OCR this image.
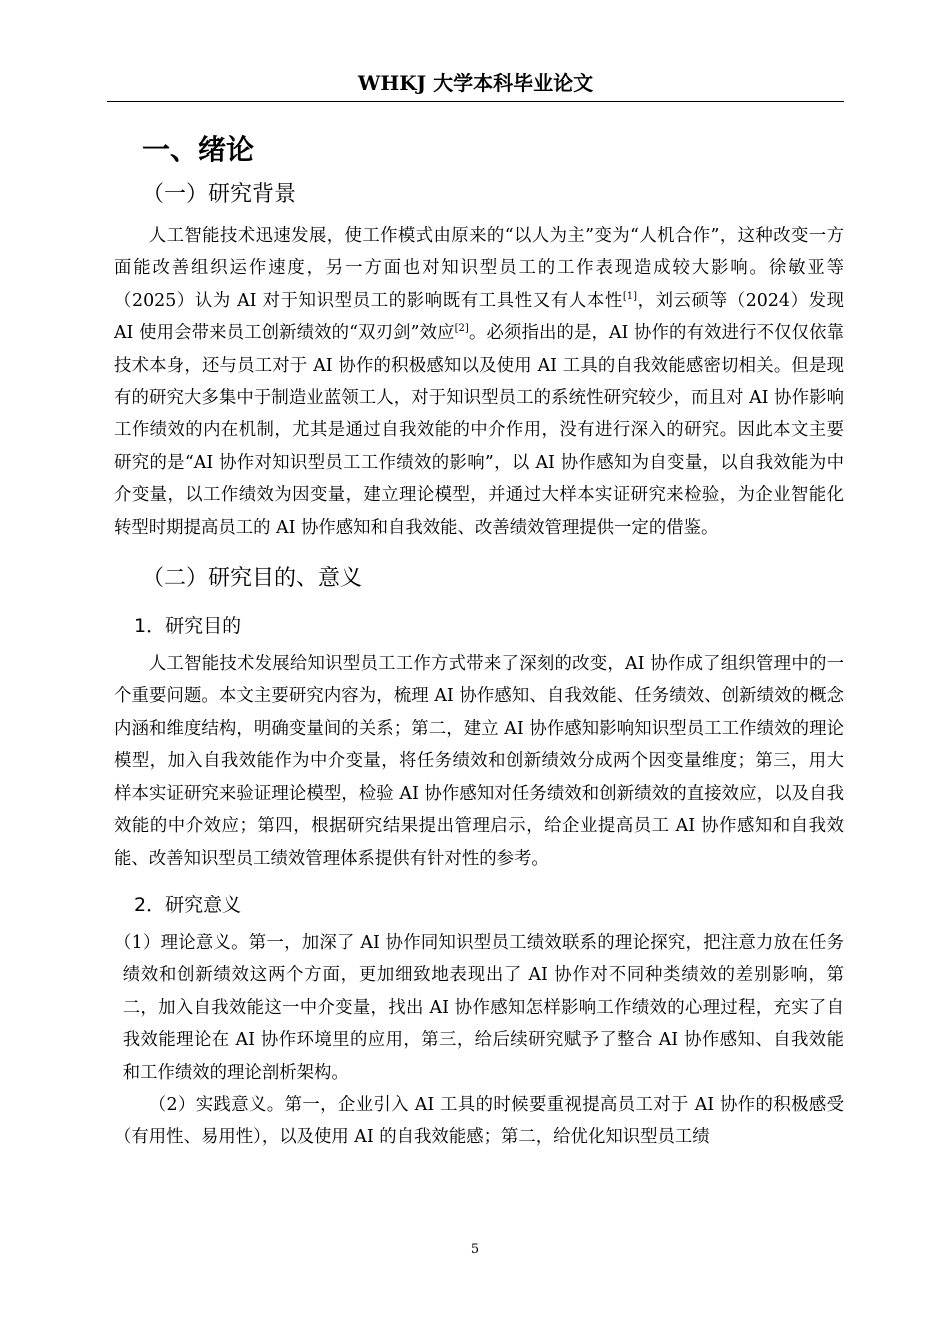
WHKJ 大学本科毕业论文
一、绪论
（一）研究背景

人工智能技术迅速发展，使工作模式由原来的“以人为主”变为“人机合作”，这种改变一方面能改善组织运作速度，另一方面也对知识型员工的工作表现造成较大影响。徐敏亚等（2025）认为 AI 对于知识型员工的影响既有工具性又有人本性[1]，刘云硕等（2024）发现 AI 使用会带来员工创新绩效的“双刃剑”效应[2]。必须指出的是，AI 协作的有效进行不仅仅依靠技术本身，还与员工对于 AI 协作的积极感知以及使用 AI 工具的自我效能感密切相关。但是现有的研究大多集中于制造业蓝领工人，对于知识型员工的系统性研究较少，而且对 AI 协作影响工作绩效的内在机制，尤其是通过自我效能的中介作用，没有进行深入的研究。因此本文主要研究的是“AI 协作对知识型员工工作绩效的影响”，以 AI 协作感知为自变量，以自我效能为中介变量，以工作绩效为因变量，建立理论模型，并通过大样本实证研究来检验，为企业智能化转型时期提高员工的 AI 协作感知和自我效能、改善绩效管理提供一定的借鉴。

（二）研究目的、意义
1．研究目的

人工智能技术发展给知识型员工工作方式带来了深刻的改变，AI 协作成了组织管理中的一个重要问题。本文主要研究内容为，梳理 AI 协作感知、自我效能、任务绩效、创新绩效的概念内涵和维度结构，明确变量间的关系；第二，建立 AI 协作感知影响知识型员工工作绩效的理论模型，加入自我效能作为中介变量，将任务绩效和创新绩效分成两个因变量维度；第三，用大样本实证研究来验证理论模型，检验 AI 协作感知对任务绩效和创新绩效的直接效应，以及自我效能的中介效应；第四，根据研究结果提出管理启示，给企业提高员工 AI 协作感知和自我效能、改善知识型员工绩效管理体系提供有针对性的参考。

2．研究意义

（1）理论意义。第一，加深了 AI 协作同知识型员工绩效联系的理论探究，把注意力放在任务绩效和创新绩效这两个方面，更加细致地表现出了 AI 协作对不同种类绩效的差别影响，第二，加入自我效能这一中介变量，找出 AI 协作感知怎样影响工作绩效的心理过程，充实了自我效能理论在 AI 协作环境里的应用，第三，给后续研究赋予了整合 AI 协作感知、自我效能和工作绩效的理论剖析架构。

（2）实践意义。第一，企业引入 AI 工具的时候要重视提高员工对于 AI 协作的积极感受（有用性、易用性），以及使用 AI 的自我效能感；第二，给优化知识型员工绩

5
